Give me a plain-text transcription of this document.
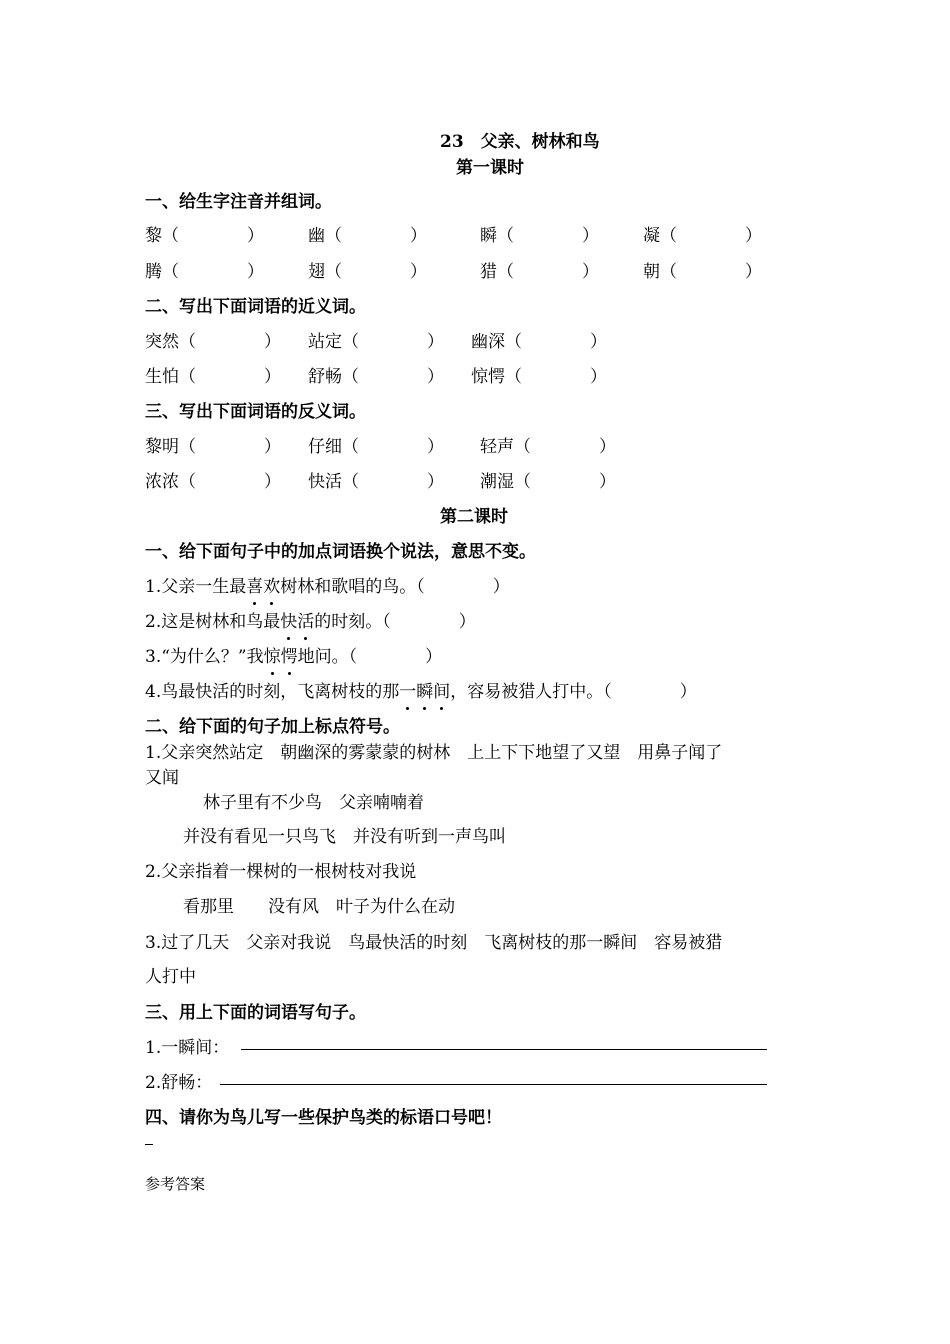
23　父亲、树林和鸟
第一课时
一、给生字注音并组词。
黎（　　　　）	幽（　　　　）	瞬（　　　　）	凝（　　　　）
腾（　　　　）	翅（　　　　）	猎（　　　　）	朝（　　　　）
二、写出下面词语的近义词。
突然（　　　　） 站定（　　　　） 幽深（　　　　）
生怕（　　　　） 舒畅（　　　　） 惊愕（　　　　）
三、写出下面词语的反义词。
黎明（　　　　） 仔细（　　　　） 轻声（　　　　）
浓浓（　　　　） 快活（　　　　） 潮湿（　　　　）
第二课时
一、给下面句子中的加点词语换个说法，意思不变。
1.父亲一生最喜欢树林和歌唱的鸟。（　　　　）
2.这是树林和鸟最快活的时刻。（　　　　）
3.“为什么？”我惊愕地问。（　　　　）
4.鸟最快活的时刻，飞离树枝的那一瞬间，容易被猎人打中。（　　　　）
二、给下面的句子加上标点符号。
1.父亲突然站定　朝幽深的雾蒙蒙的树林　上上下下地望了又望　用鼻子闻了
又闻
林子里有不少鸟　父亲喃喃着
并没有看见一只鸟飞　并没有听到一声鸟叫
2.父亲指着一棵树的一根树枝对我说
看那里　　没有风　叶子为什么在动
3.过了几天　父亲对我说　鸟最快活的时刻　飞离树枝的那一瞬间　容易被猎
人打中
三、用上下面的词语写句子。
1.一瞬间：
2.舒畅：
四、请你为鸟儿写一些保护鸟类的标语口号吧！
参考答案
